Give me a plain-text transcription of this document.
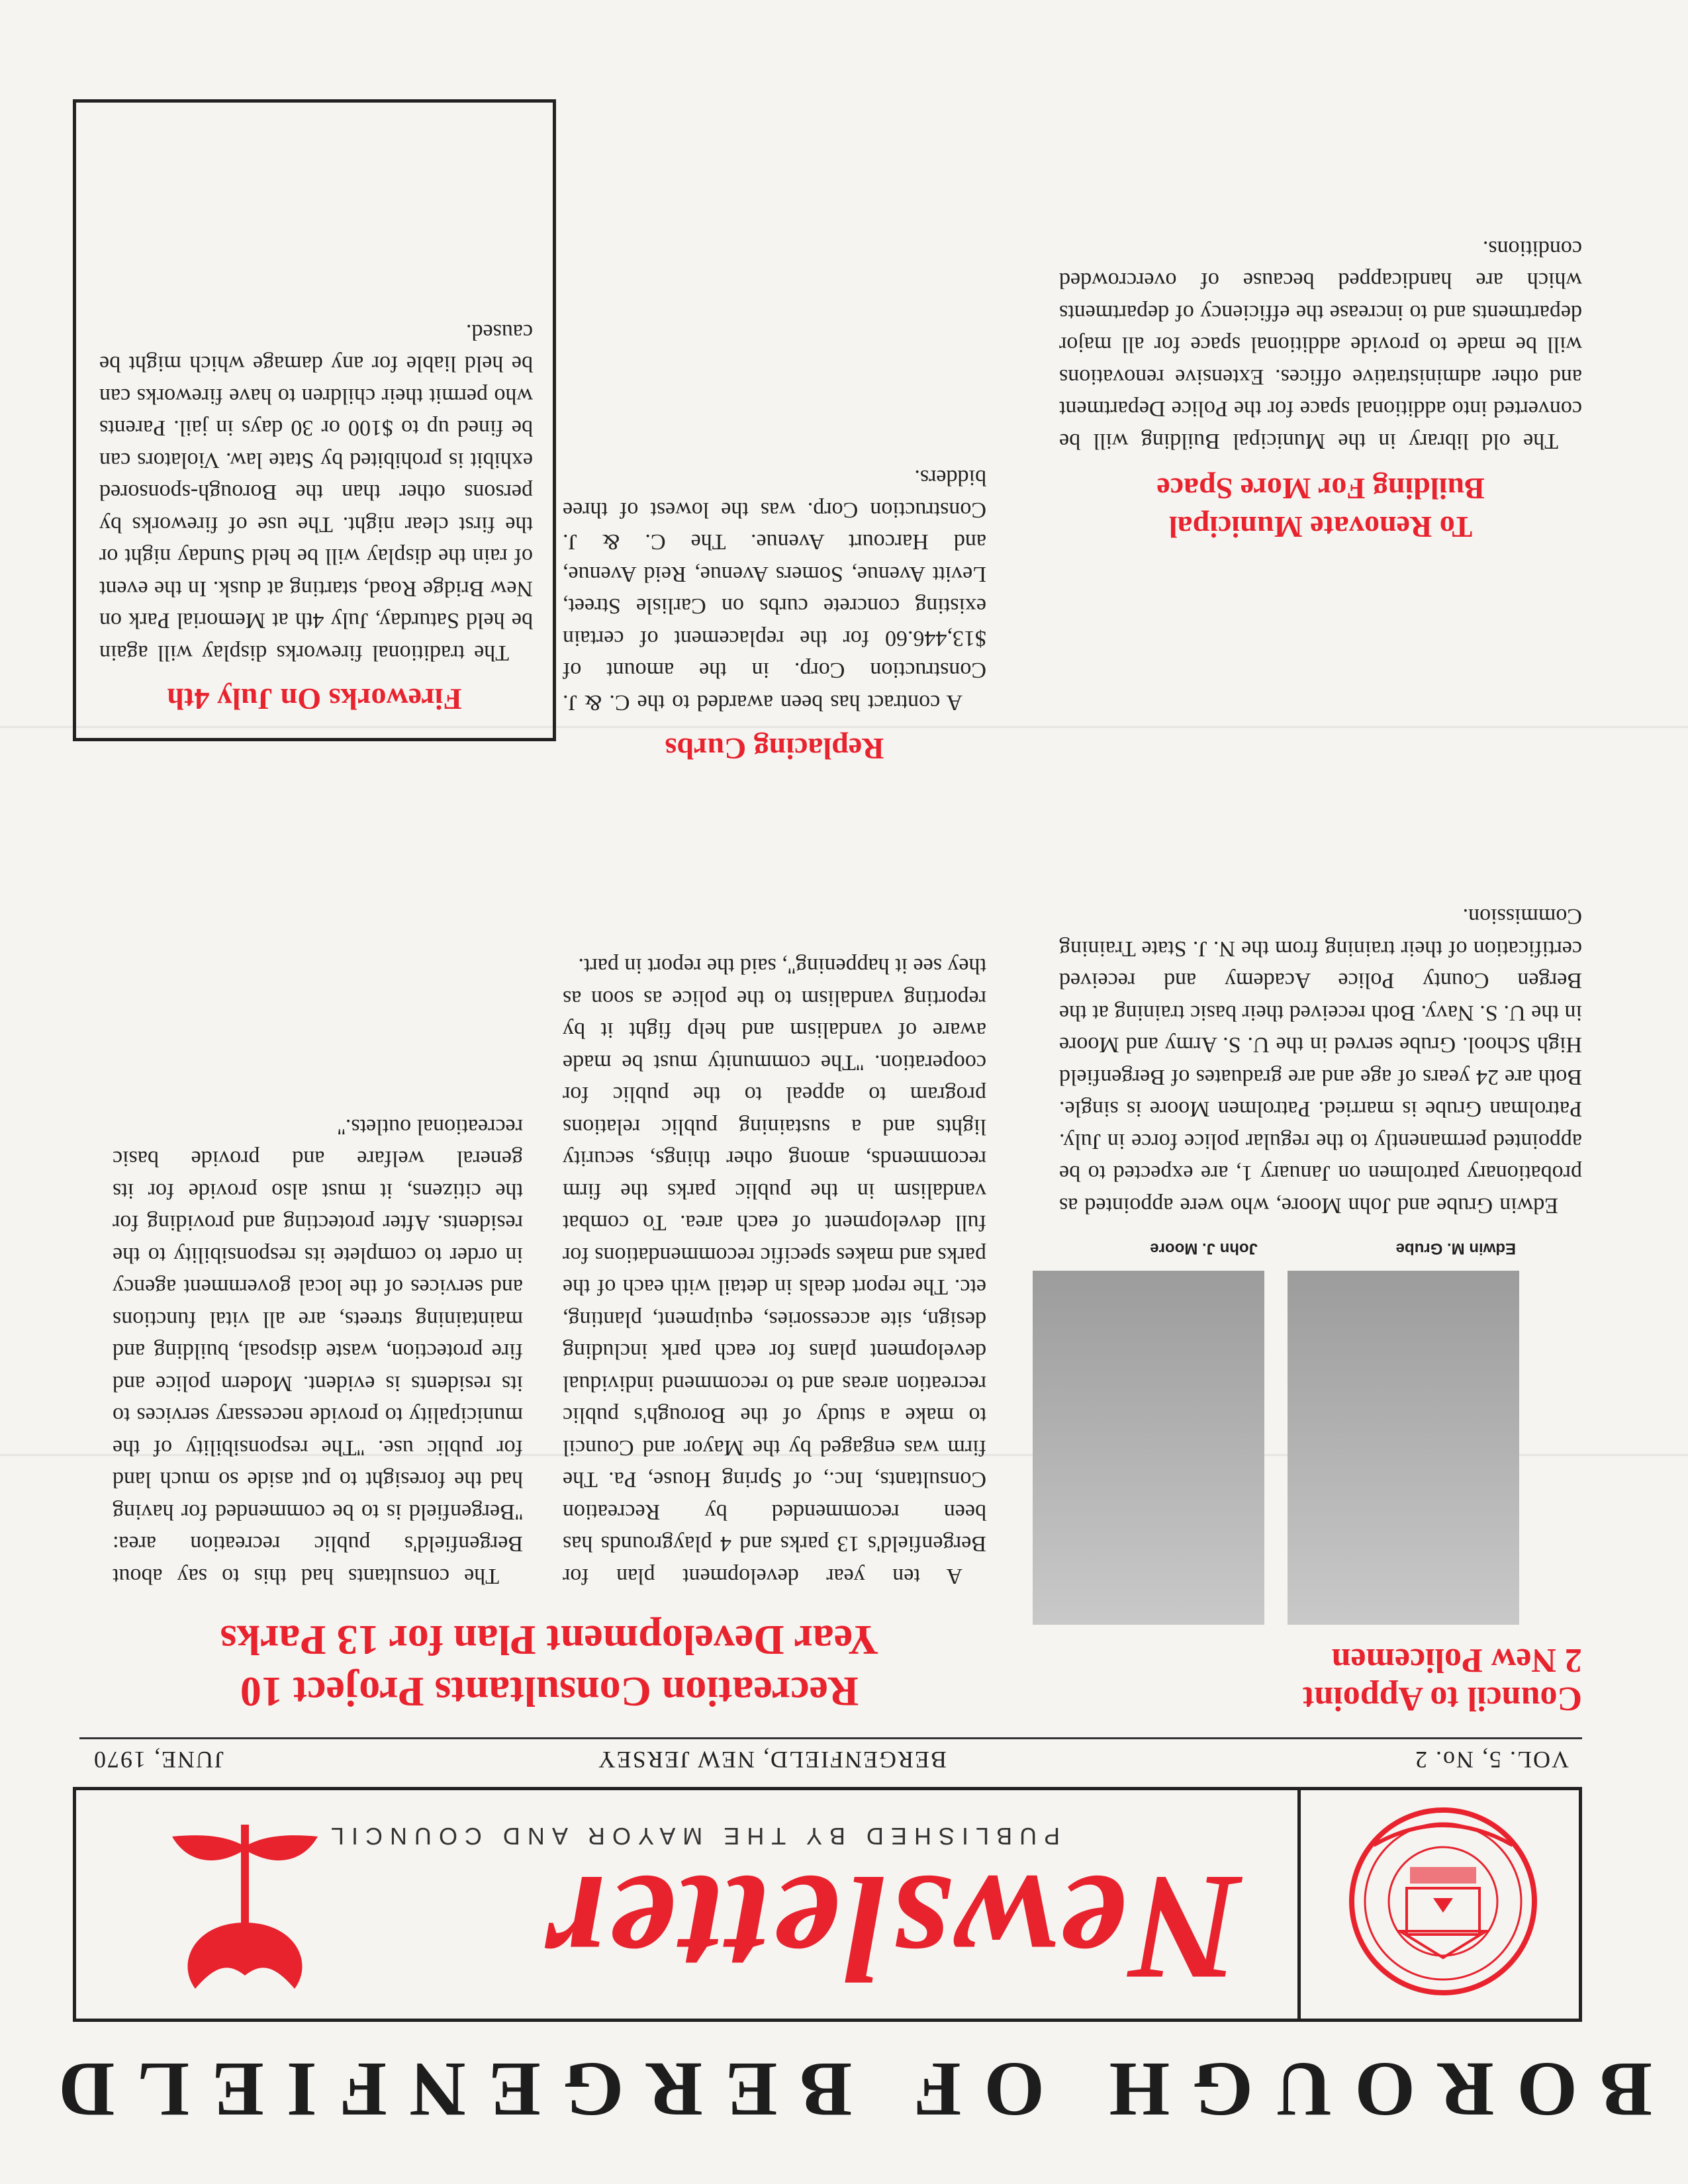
BOROUGH OF BERGENFIELD
Newsletter
PUBLISHED BY THE MAYOR AND COUNCIL
VOL. 5, No. 2
BERGENFIELD, NEW JERSEY
JUNE, 1970
Council to Appoint
2 New Policemen
Edwin M. Grube
John J. Moore

Edwin Grube and John Moore, who were appointed as probationary patrolmen on January 1, are expected to be appointed permanently to the regular police force in July. Patrolman Grube is married. Patrolmen Moore is single. Both are 24 years of age and are graduates of Bergenfield High School. Grube served in the U. S. Army and Moore in the U. S. Navy. Both received their basic training at the Bergen County Police Academy and received certification of their training from the N. J. State Training Commission.

To Renovate Municipal
Building For More Space

The old library in the Municipal Building will be converted into additional space for the Police Department and other administrative offices. Extensive renovations will be made to provide additional space for all major departments and to increase the efficiency of departments which are handicapped because of overcrowded conditions.

Recreation Consultants Project 10
Year Development Plan for 13 Parks

A ten year development plan for Bergenfield's 13 parks and 4 playgrounds has been recommended by Recreation Consultants, Inc., of Spring House, Pa. The firm was engaged by the Mayor and Council to make a study of the Borough's public recreation areas and to recommend individual development plans for each park including design, site accessories, equipment, planting, etc. The report deals in detail with each of the parks and makes specific recommendations for full development of each area. To combat vandalism in the public parks the firm recommends, among other things, security lights and a sustaining public relations program to appeal to the public for cooperation. ''The community must be made aware of vandalism and help fight it by reporting vandalism to the police as soon as they see it happening'', said the report in part.

The consultants had this to say about Bergenfield's public recreation area: ''Bergenfield is to be commended for having had the foresight to put aside so much land for public use. ''The responsibility of the municipality to provide necessary services to its residents is evident. Modern police and fire protection, waste disposal, building and maintaining streets, are all vital functions and services of the local government agency in order to complete its responsibility to the residents. After protecting and providing for the citizens, it must also provide for its general welfare and provide basic recreational outlets.''

Replacing Curbs

A contract has been awarded to the C. & J. Construction Corp. in the amount of $13,446.60 for the replacement of certain existing concrete curbs on Carlisle Street, Levitt Avenue, Somers Avenue, Reid Avenue, and Harcourt Avenue. The C. & J. Construction Corp. was the lowest of three bidders.

Fireworks On July 4th

The traditional fireworks display will again be held Saturday, July 4th at Memorial Park on New Bridge Road, starting at dusk. In the event of rain the display will be held Sunday night or the first clear night. The use of fireworks by persons other than the Borough-sponsored exhibit is prohibited by State law. Violators can be fined up to $100 or 30 days in jail. Parents who permit their children to have fireworks can be held liable for any damage which might be caused.
